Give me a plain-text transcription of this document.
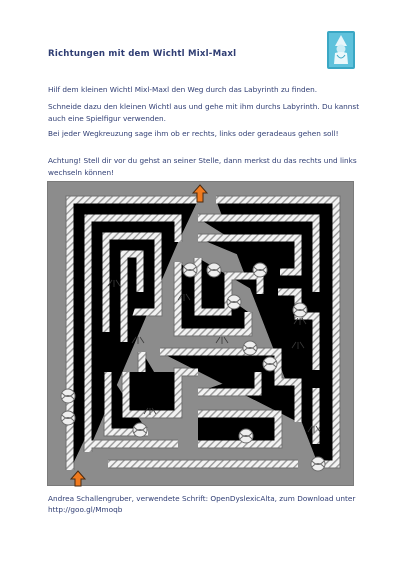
Richtungen mit dem Wichtl Mixl-Maxl
Hilf dem kleinen Wichtl Mixl-Maxl den Weg durch das Labyrinth zu finden.
Schneide dazu den kleinen Wichtl aus und gehe mit ihm durchs Labyrinth. Du kannst auch eine Spielfigur verwenden.
Bei jeder Wegkreuzung sage ihm ob er rechts, links oder geradeaus gehen soll!
Achtung! Stell dir vor du gehst an seiner Stelle, dann merkst du das rechts und links wechseln können!
Andrea Schallengruber, verwendete Schrift: OpenDyslexicAlta, zum Download unter http://goo.gl/Mmoqb
